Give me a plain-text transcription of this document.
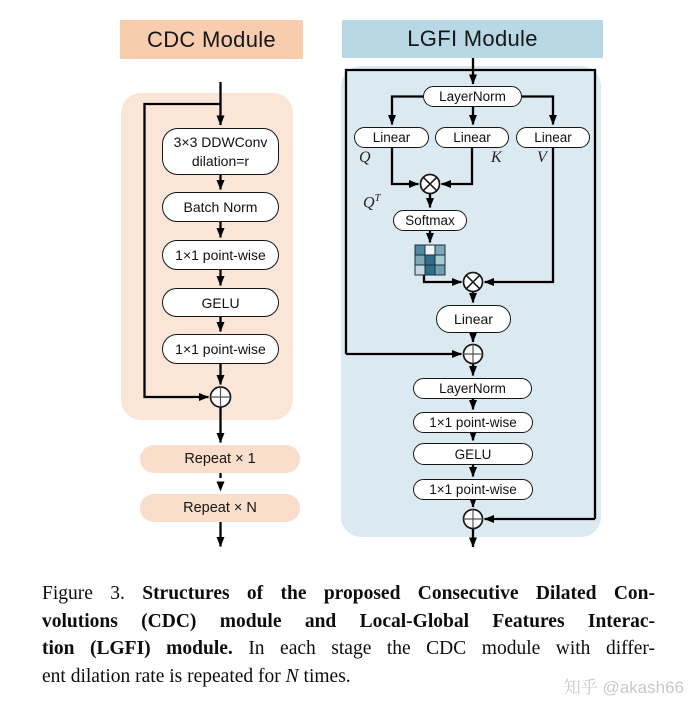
CDC Module	LGFI Module
3×3 DDWConv
dilation=r
Batch Norm
1×1 point-wise
GELU
1×1 point-wise
Repeat × 1
Repeat × N
LayerNorm
Linear	Linear	Linear
Softmax
Linear
LayerNorm
1×1 point-wise
GELU
1×1 point-wise
Q	K V
$Q^T$
Figure 3. Structures of the proposed Consecutive Dilated Con-
volutions (CDC) module and Local-Global Features Interac-
tion (LGFI) module. In each stage the CDC module with differ-
ent dilation rate is repeated for N times.
知乎 @akash66
